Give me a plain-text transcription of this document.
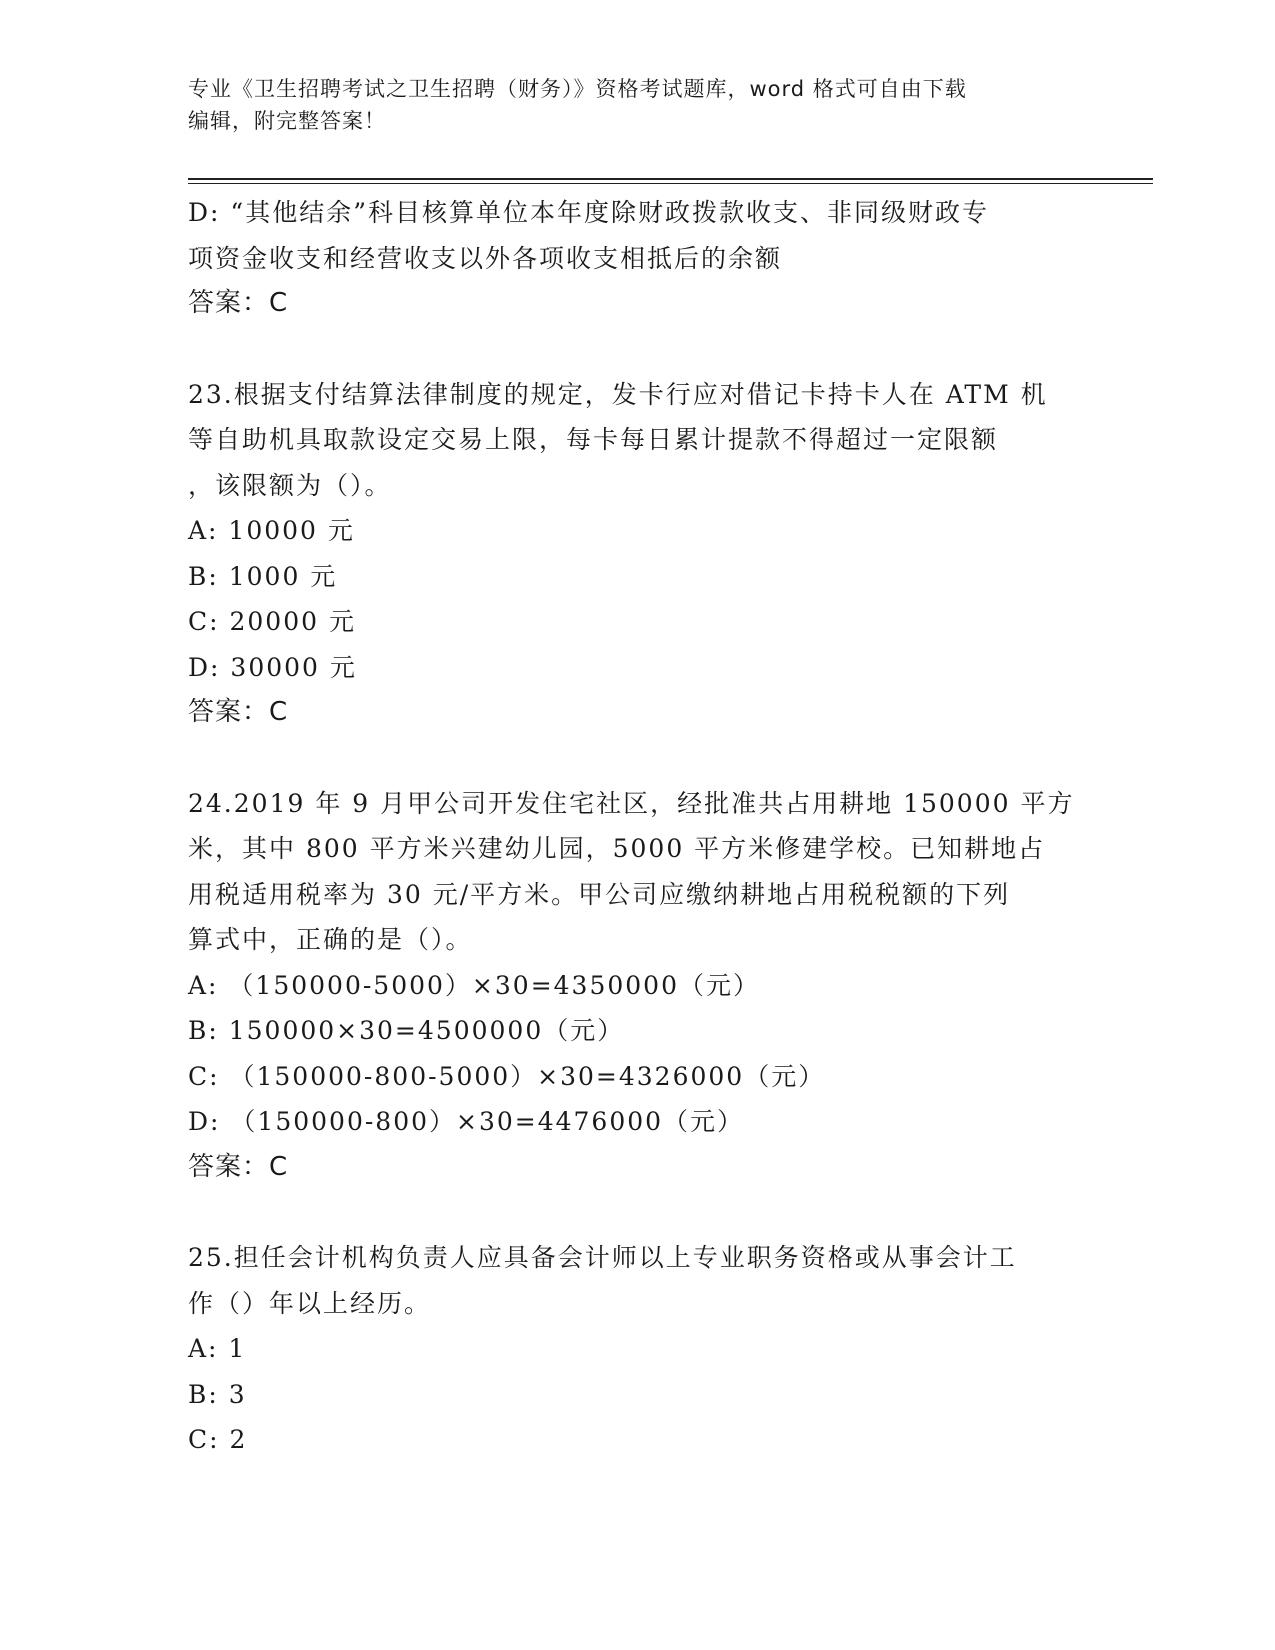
专业《卫生招聘考试之卫生招聘（财务）》资格考试题库，word 格式可自由下载
编辑，附完整答案！
D: “其他结余”科目核算单位本年度除财政拨款收支、非同级财政专
项资金收支和经营收支以外各项收支相抵后的余额
答案：C
23.根据支付结算法律制度的规定，发卡行应对借记卡持卡人在 ATM 机
等自助机具取款设定交易上限，每卡每日累计提款不得超过一定限额
，该限额为（）。
A: 10000 元
B: 1000 元
C: 20000 元
D: 30000 元
答案：C
24.2019 年 9 月甲公司开发住宅社区，经批准共占用耕地 150000 平方
米，其中 800 平方米兴建幼儿园，5000 平方米修建学校。已知耕地占
用税适用税率为 30 元/平方米。甲公司应缴纳耕地占用税税额的下列
算式中，正确的是（）。
A: （150000-5000）×30=4350000（元）
B: 150000×30=4500000（元）
C: （150000-800-5000）×30=4326000（元）
D: （150000-800）×30=4476000（元）
答案：C
25.担任会计机构负责人应具备会计师以上专业职务资格或从事会计工
作（）年以上经历。
A: 1
B: 3
C: 2
